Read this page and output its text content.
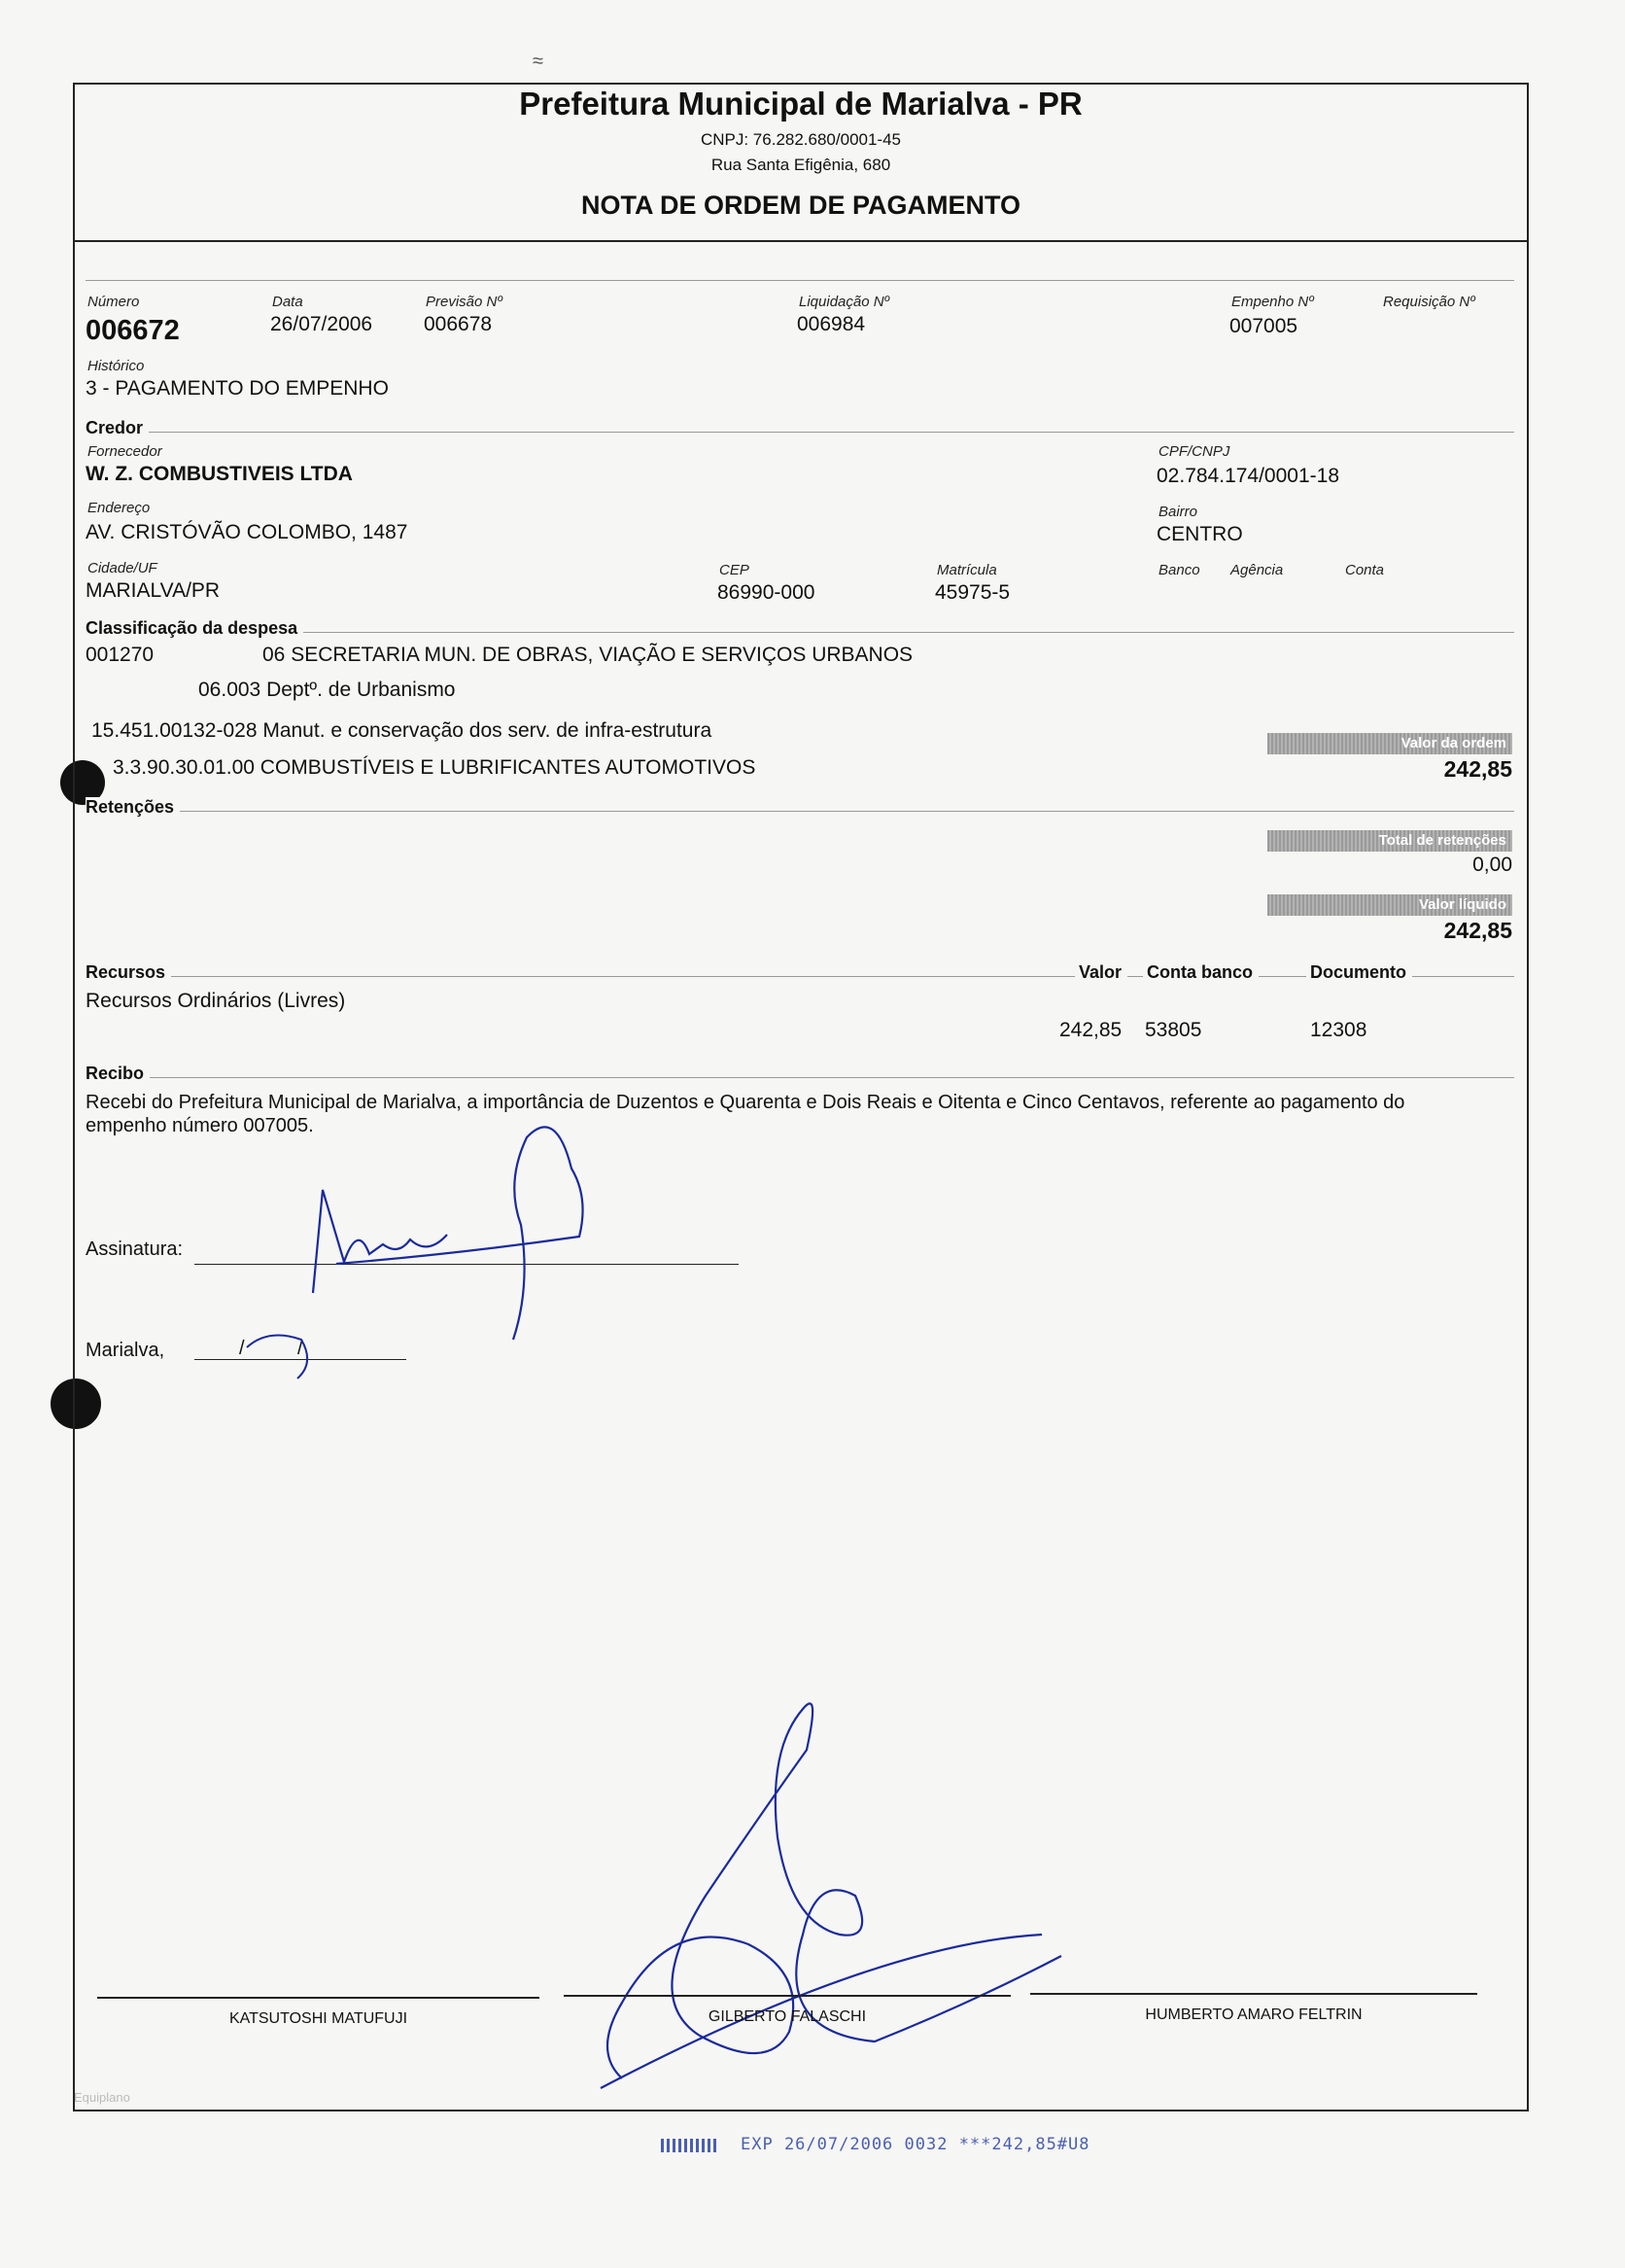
≈
Prefeitura Municipal de Marialva - PR
CNPJ: 76.282.680/0001-45
Rua Santa Efigênia, 680
NOTA DE ORDEM DE PAGAMENTO
Número
006672
Data
26/07/2006
Previsão Nº
006678
Liquidação Nº
006984
Empenho Nº
007005
Requisição Nº
Histórico
3 - PAGAMENTO DO EMPENHO
Credor
Fornecedor
W. Z. COMBUSTIVEIS LTDA
CPF/CNPJ
02.784.174/0001-18
Endereço
AV. CRISTÓVÃO COLOMBO, 1487
Bairro
CENTRO
Cidade/UF
MARIALVA/PR
CEP
86990-000
Matrícula
45975-5
Banco Agência	Conta
Classificação da despesa
001270	06 SECRETARIA MUN. DE OBRAS, VIAÇÃO E SERVIÇOS URBANOS
06.003 Deptº. de Urbanismo
15.451.00132-028 Manut. e conservação dos serv. de infra-estrutura
3.3.90.30.01.00 COMBUSTÍVEIS E LUBRIFICANTES AUTOMOTIVOS
Valor da ordem
242,85
Retenções
Total de retenções
0,00
Valor líquido
242,85
Recursos	Valor	Conta banco	Documento
Recursos Ordinários (Livres)
242,85 53805	12308
Recibo
Recebi do Prefeitura Municipal de Marialva, a importância de Duzentos e Quarenta e Dois Reais e Oitenta e Cinco Centavos, referente ao pagamento do empenho número 007005.
Assinatura:
Marialva,	/	/
KATSUTOSHI MATUFUJI	GILBERTO FALASCHI	HUMBERTO AMARO FELTRIN
Equiplano
EXP 26/07/2006 0032 ***242,85#U8
